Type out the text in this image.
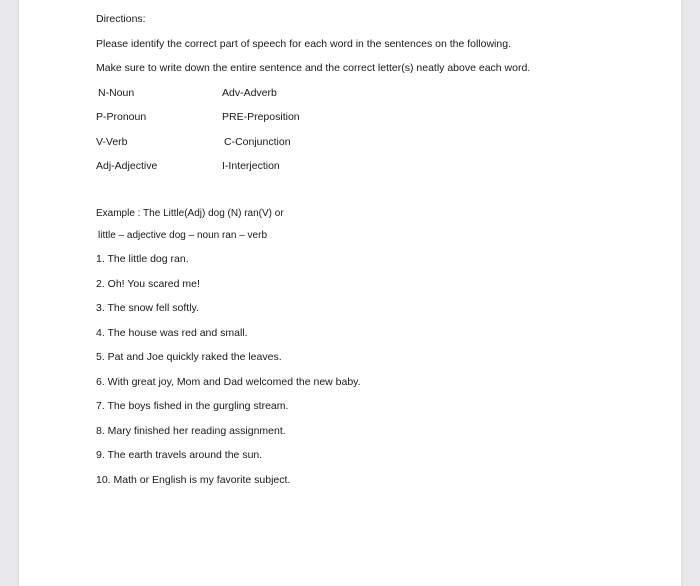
Directions:
Please identify the correct part of speech for each word in the sentences on the following.
Make sure to write down the entire sentence and the correct letter(s) neatly above each word.
N-Noun
P-Pronoun
V-Verb
Adj-Adjective
Adv-Adverb
PRE-Preposition
C-Conjunction
I-Interjection
Example : The Little(Adj) dog (N) ran(V) or
little – adjective dog – noun ran – verb
1. The little dog ran.
2. Oh! You scared me!
3. The snow fell softly.
4. The house was red and small.
5. Pat and Joe quickly raked the leaves.
6. With great joy, Mom and Dad welcomed the new baby.
7. The boys fished in the gurgling stream.
8. Mary finished her reading assignment.
9. The earth travels around the sun.
10. Math or English is my favorite subject.
